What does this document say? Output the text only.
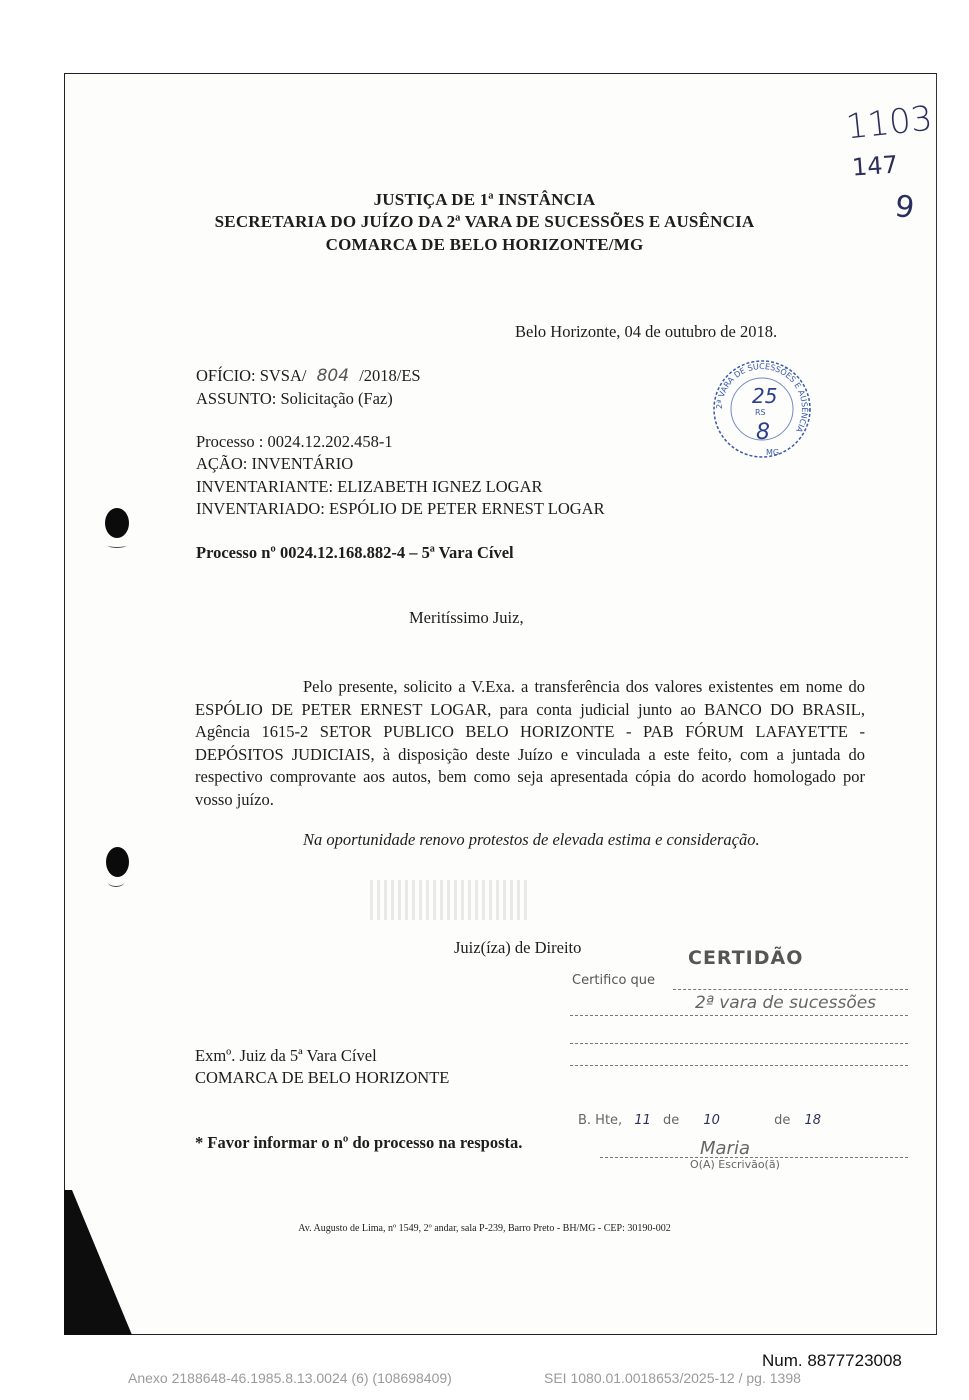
1103
147
9
JUSTIÇA DE 1ª INSTÂNCIA
SECRETARIA DO JUÍZO DA 2ª VARA DE SUCESSÕES E AUSÊNCIA
COMARCA DE BELO HORIZONTE/MG
Belo Horizonte, 04 de outubro de 2018.
OFÍCIO: SVSA/ 804 /2018/ES
ASSUNTO: Solicitação (Faz)
Processo : 0024.12.202.458-1
AÇÃO: INVENTÁRIO
INVENTARIANTE: ELIZABETH IGNEZ LOGAR
INVENTARIADO: ESPÓLIO DE PETER ERNEST LOGAR
Processo nº 0024.12.168.882-4 – 5ª Vara Cível
2ª VARA DE SUCESSÕES E AUSÊNCIA
25
RS
8
MG
Meritíssimo Juiz,

Pelo presente, solicito a V.Exa. a transferência dos valores existentes em nome do ESPÓLIO DE PETER ERNEST LOGAR, para conta judicial junto ao BANCO DO BRASIL, Agência 1615-2 SETOR PUBLICO BELO HORIZONTE - PAB FÓRUM LAFAYETTE - DEPÓSITOS JUDICIAIS, à disposição deste Juízo e vinculada a este feito, com a juntada do respectivo comprovante aos autos, bem como seja apresentada cópia do acordo homologado por vosso juízo.

Na oportunidade renovo protestos de elevada estima e consideração.
Juiz(íza) de Direito	CERTIDÃO
Certifico que
2ª vara de sucessões
B. Hte, 11 de 10	de 18
Maria
O(A) Escrivão(ã)
Exmº. Juiz da 5ª Vara Cível
COMARCA DE BELO HORIZONTE
* Favor informar o nº do processo na resposta.
Av. Augusto de Lima, nº 1549, 2º andar, sala P-239, Barro Preto - BH/MG - CEP: 30190-002
Num. 8877723008
Anexo 2188648-46.1985.8.13.0024 (6) (108698409)	SEI 1080.01.0018653/2025-12 / pg. 1398
